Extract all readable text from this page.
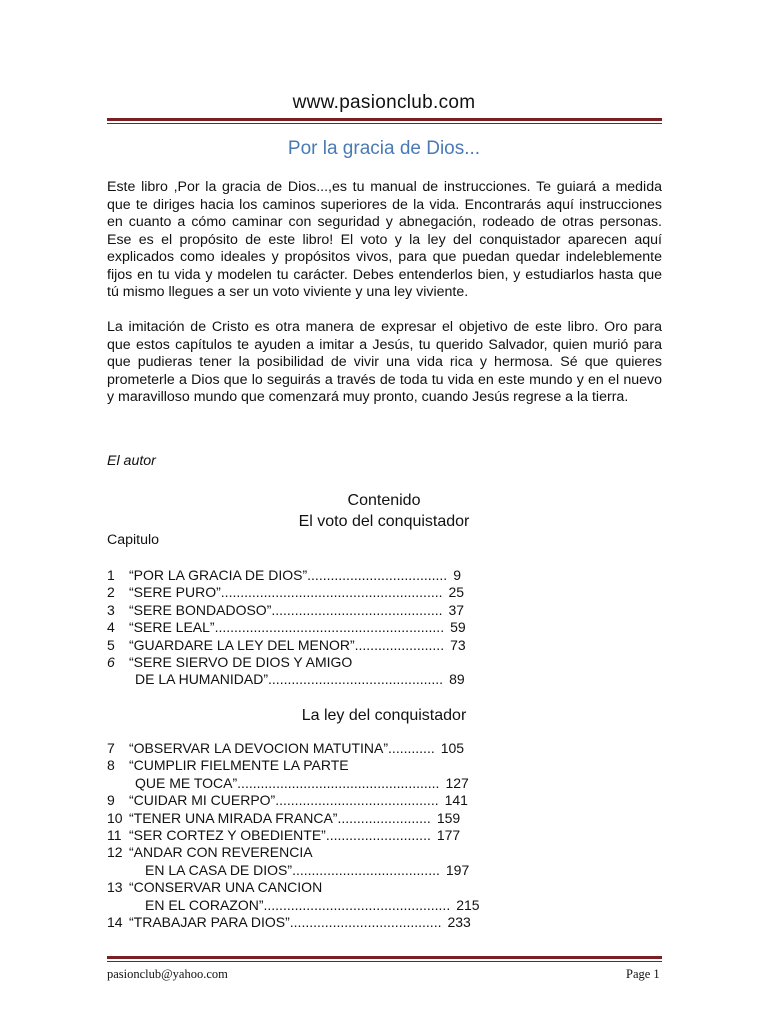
www.pasionclub.com
Por la gracia de Dios...
Este libro ,Por la gracia de Dios...,es tu manual de instrucciones. Te guiará a medida que te diriges hacia los caminos superiores de la vida. Encontrarás aquí instrucciones en cuanto a cómo caminar con seguridad y abnegación, rodeado de otras personas. Ese es el propósito de este libro! El voto y la ley del conquistador aparecen aquí explicados como ideales y propósitos vivos, para que puedan quedar indeleblemente fijos en tu vida y modelen tu carácter. Debes entenderlos bien, y estudiarlos hasta que tú mismo llegues a ser un voto viviente y una ley viviente.
La imitación de Cristo es otra manera de expresar el objetivo de este libro. Oro para que estos capítulos te ayuden a imitar a Jesús, tu querido Salvador, quien murió para que pudieras tener la posibilidad de vivir una vida rica y hermosa. Sé que quieres prometerle a Dios que lo seguirás a través de toda tu vida en este mundo y en el nuevo y maravilloso mundo que comenzará muy pronto, cuando Jesús regrese a la tierra.
El autor
Contenido
El voto del conquistador
Capitulo
1 “POR LA GRACIA DE DIOS”.................................... 9
2 “SERE PURO”......................................................... 25
3 “SERE BONDADOSO”............................................ 37
4 “SERE LEAL”........................................................... 59
5 “GUARDARE LA LEY DEL MENOR”....................... 73
6 “SERE SIERVO DE DIOS Y AMIGO
DE LA HUMANIDAD”............................................. 89
La ley del conquistador
7 “OBSERVAR LA DEVOCION MATUTINA”............ 105
8 “CUMPLIR FIELMENTE LA PARTE
QUE ME TOCA”.................................................... 127
9 “CUIDAR MI CUERPO”.......................................... 141
10 “TENER UNA MIRADA FRANCA”........................ 159
11 “SER CORTEZ Y OBEDIENTE”........................... 177
12 “ANDAR CON REVERENCIA
EN LA CASA DE DIOS”...................................... 197
13 “CONSERVAR UNA CANCION
EN EL CORAZON”................................................ 215
14 “TRABAJAR PARA DIOS”....................................... 233
pasionclub@yahoo.com	Page 1
